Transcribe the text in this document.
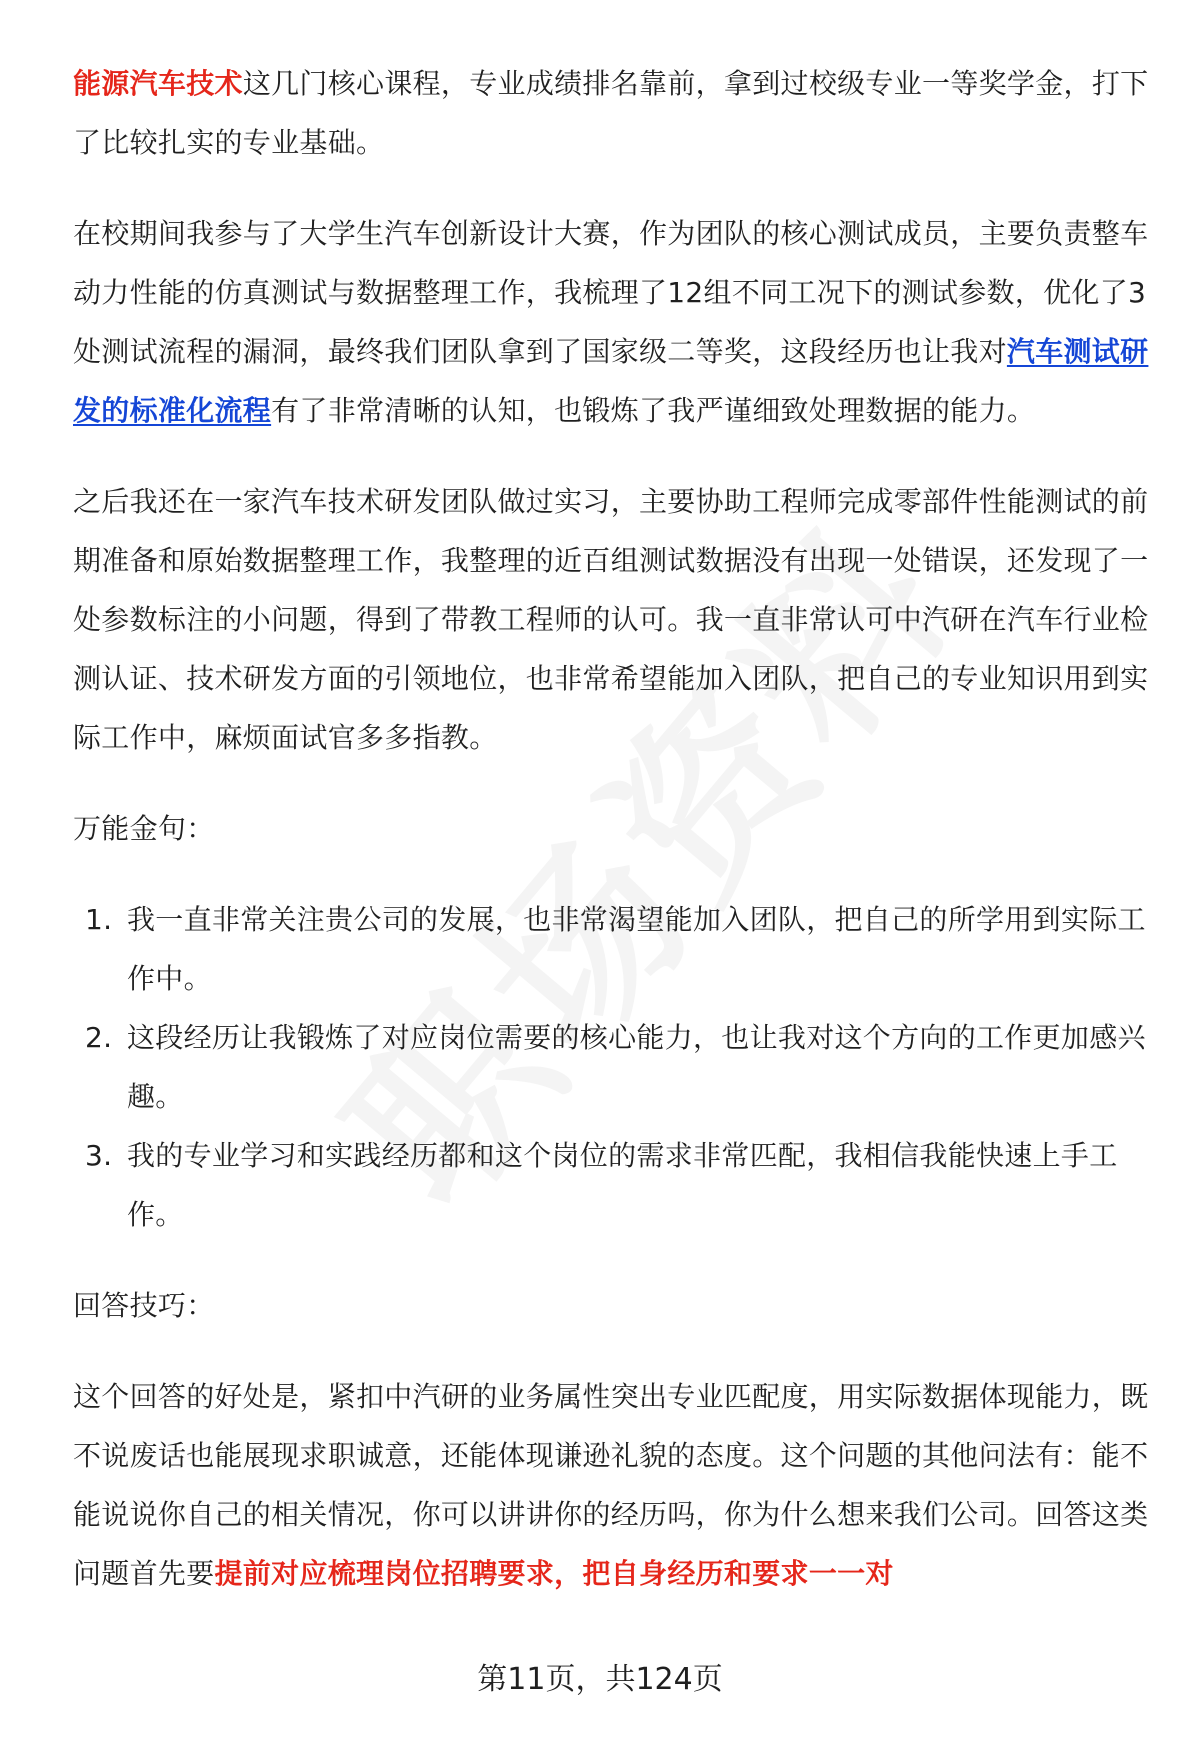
能源汽车技术这几门核心课程，专业成绩排名靠前，拿到过校级专业一等奖学金，打下了比较扎实的专业基础。

在校期间我参与了大学生汽车创新设计大赛，作为团队的核心测试成员，主要负责整车动力性能的仿真测试与数据整理工作，我梳理了12组不同工况下的测试参数，优化了3处测试流程的漏洞，最终我们团队拿到了国家级二等奖，这段经历也让我对汽车测试研发的标准化流程有了非常清晰的认知，也锻炼了我严谨细致处理数据的能力。

之后我还在一家汽车技术研发团队做过实习，主要协助工程师完成零部件性能测试的前期准备和原始数据整理工作，我整理的近百组测试数据没有出现一处错误，还发现了一处参数标注的小问题，得到了带教工程师的认可。我一直非常认可中汽研在汽车行业检测认证、技术研发方面的引领地位，也非常希望能加入团队，把自己的专业知识用到实际工作中，麻烦面试官多多指教。

万能金句：

1. 我一直非常关注贵公司的发展，也非常渴望能加入团队，把自己的所学用到实际工作中。
2. 这段经历让我锻炼了对应岗位需要的核心能力，也让我对这个方向的工作更加感兴趣。
3. 我的专业学习和实践经历都和这个岗位的需求非常匹配，我相信我能快速上手工作。

回答技巧：

这个回答的好处是，紧扣中汽研的业务属性突出专业匹配度，用实际数据体现能力，既不说废话也能展现求职诚意，还能体现谦逊礼貌的态度。这个问题的其他问法有：能不能说说你自己的相关情况，你可以讲讲你的经历吗，你为什么想来我们公司。回答这类问题首先要提前对应梳理岗位招聘要求，把自身经历和要求一一对

第11页，共124页
